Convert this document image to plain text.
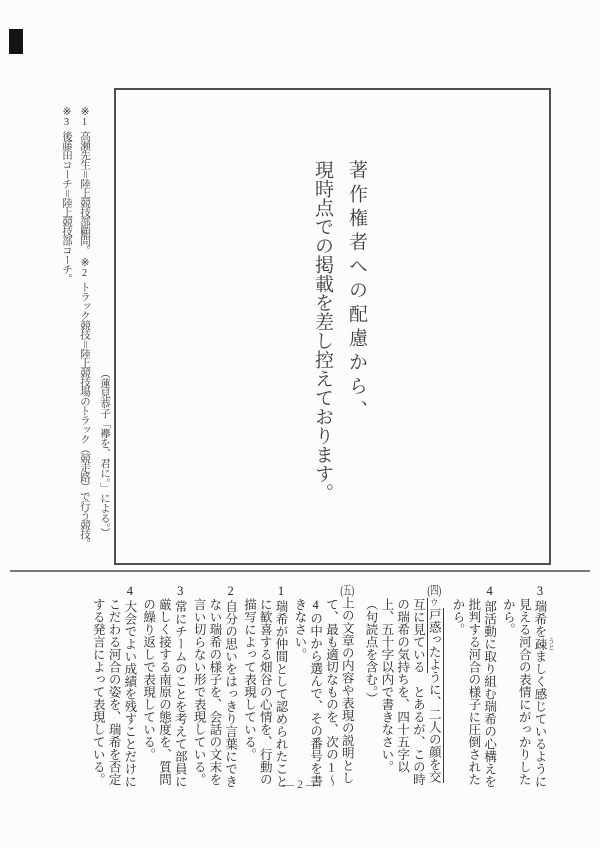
著作権者への配慮から、

現時点での掲載を差し控えております。

（蓮見恭子「襷を、君に。」による。）
※1高瀬先生＝陸上競技部顧問。
※2トラック競技＝陸上競技場のトラック（競走路）で行う競技。
※3後藤田コーチ＝陸上競技部コーチ。

3瑞希を疎 うとましく感じているように見える河合の表情にがっかりしたから。

4部活動に取り組む瑞希の心構えを批判する河合の様子に圧倒されたから。

(四)ウ戸惑ったように、二人の顔を交互に見ている　とあるが、この時の瑞希の気持ちを、四十五字以上、五十字以内で書きなさい。（句読点を含む。）

(五)上の文章の内容や表現の説明として、最も適切なものを、次の1～4の中から選んで、その番号を書きなさい。

1瑞希が仲間として認められたことに歓喜する畑谷の心情を、行動の描写によって表現している。

2自分の思いをはっきり言葉にできない瑞希の様子を、会話の文末を言い切らない形で表現している。

3常にチームのことを考えて部員に厳しく接する南原の態度を、質問の繰り返しで表現している。

4大会でよい成績を残すことだけにこだわる河合の姿を、瑞希を否定する発言によって表現している。	— 2 —
